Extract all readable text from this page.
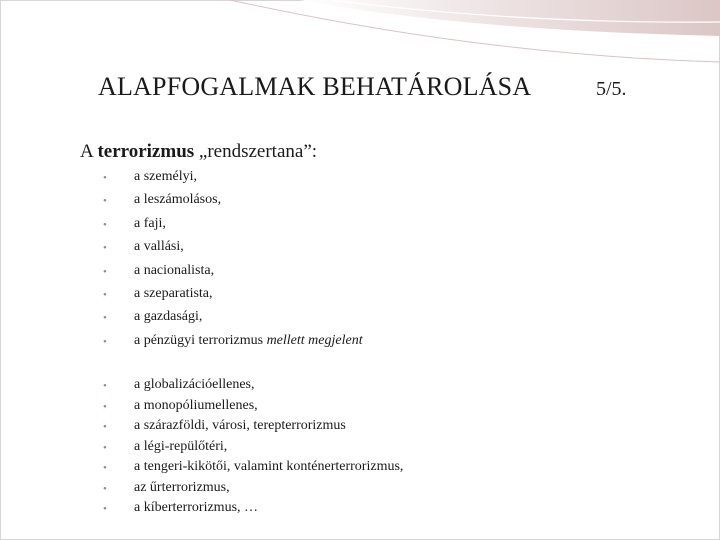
ALAPFOGALMAK BEHATÁROLÁSA	5/5.
A terrorizmus „rendszertana”:
• a személyi,
• a leszámolásos,
• a faji,
• a vallási,
• a nacionalista,
• a szeparatista,
• a gazdasági,
• a pénzügyi terrorizmus mellett megjelent
• a globalizációellenes,
• a monopóliumellenes,
• a szárazföldi, városi, terepterrorizmus
• a légi-repülőtéri,
• a tengeri-kikötői, valamint konténerterrorizmus,
• az űrterrorizmus,
• a kíberterrorizmus, …
